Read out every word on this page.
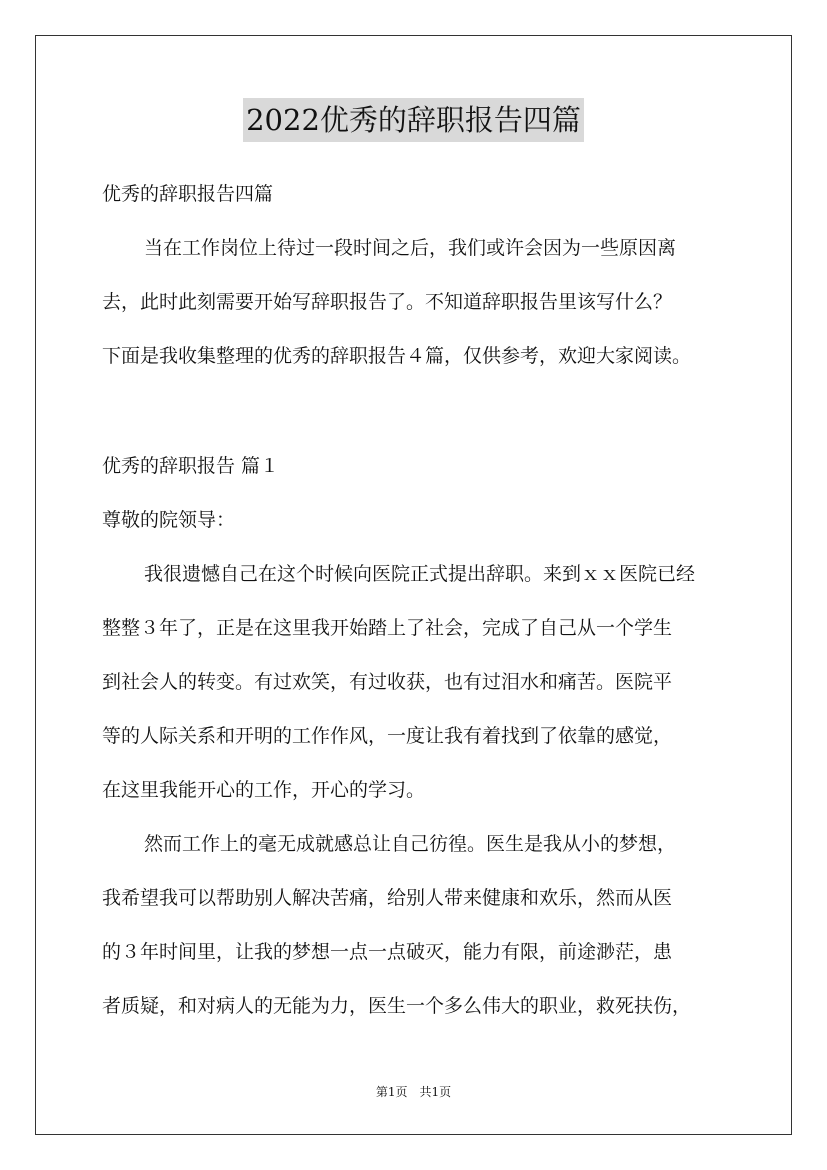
2022优秀的辞职报告四篇
优秀的辞职报告四篇
当在工作岗位上待过一段时间之后，我们或许会因为一些原因离
去，此时此刻需要开始写辞职报告了。不知道辞职报告里该写什么？
下面是我收集整理的优秀的辞职报告４篇，仅供参考，欢迎大家阅读。
优秀的辞职报告 篇１
尊敬的院领导：
我很遗憾自己在这个时候向医院正式提出辞职。来到ｘｘ医院已经
整整３年了，正是在这里我开始踏上了社会，完成了自己从一个学生
到社会人的转变。有过欢笑，有过收获，也有过泪水和痛苦。医院平
等的人际关系和开明的工作作风，一度让我有着找到了依靠的感觉，
在这里我能开心的工作，开心的学习。
然而工作上的毫无成就感总让自己彷徨。医生是我从小的梦想，
我希望我可以帮助别人解决苦痛，给别人带来健康和欢乐，然而从医
的３年时间里，让我的梦想一点一点破灭，能力有限，前途渺茫，患
者质疑，和对病人的无能为力，医生一个多么伟大的职业，救死扶伤，
第1页　共1页
